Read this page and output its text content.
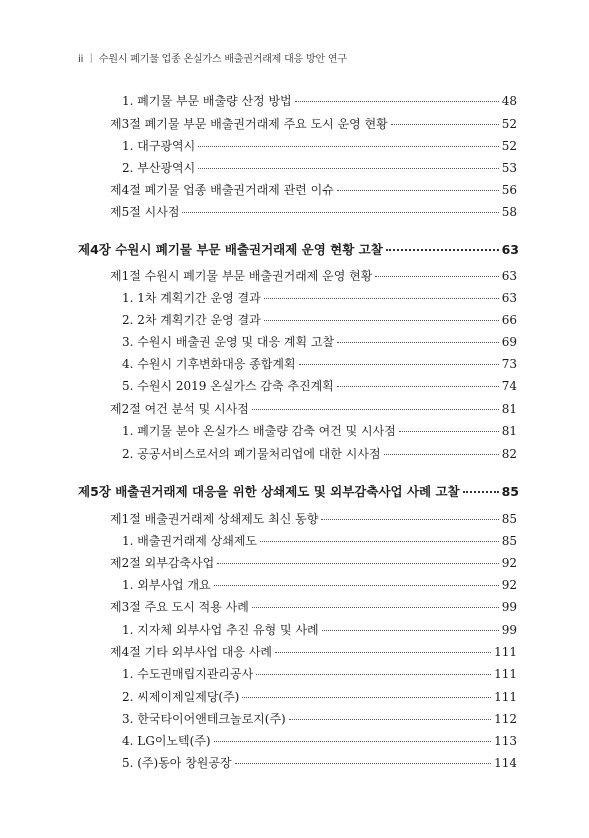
ii ｜ 수원시 폐기물 업종 온실가스 배출권거래제 대응 방안 연구
1. 폐기물 부문 배출량 산정 방법	48
제3절 폐기물 부문 배출권거래제 주요 도시 운영 현황	52
1. 대구광역시	52
2. 부산광역시	53
제4절 폐기물 업종 배출권거래제 관련 이슈	56
제5절 시사점	58
제4장 수원시 폐기물 부문 배출권거래제 운영 현황 고찰	63
제1절 수원시 폐기물 부문 배출권거래제 운영 현황	63
1. 1차 계획기간 운영 결과	63
2. 2차 계획기간 운영 결과	66
3. 수원시 배출권 운영 및 대응 계획 고찰	69
4. 수원시 기후변화대응 종합계획	73
5. 수원시 2019 온실가스 감축 추진계획	74
제2절 여건 분석 및 시사점	81
1. 폐기물 분야 온실가스 배출량 감축 여건 및 시사점	81
2. 공공서비스로서의 폐기물처리업에 대한 시사점	82
제5장 배출권거래제 대응을 위한 상쇄제도 및 외부감축사업 사례 고찰	85
제1절 배출권거래제 상쇄제도 최신 동향	85
1. 배출권거래제 상쇄제도	85
제2절 외부감축사업	92
1. 외부사업 개요	92
제3절 주요 도시 적용 사례	99
1. 지자체 외부사업 추진 유형 및 사례	99
제4절 기타 외부사업 대응 사례	111
1. 수도권매립지관리공사	111
2. 씨제이제일제당(주)	111
3. 한국타이어앤테크놀로지(주)	112
4. LG이노텍(주)	113
5. (주)동아 창원공장	114
